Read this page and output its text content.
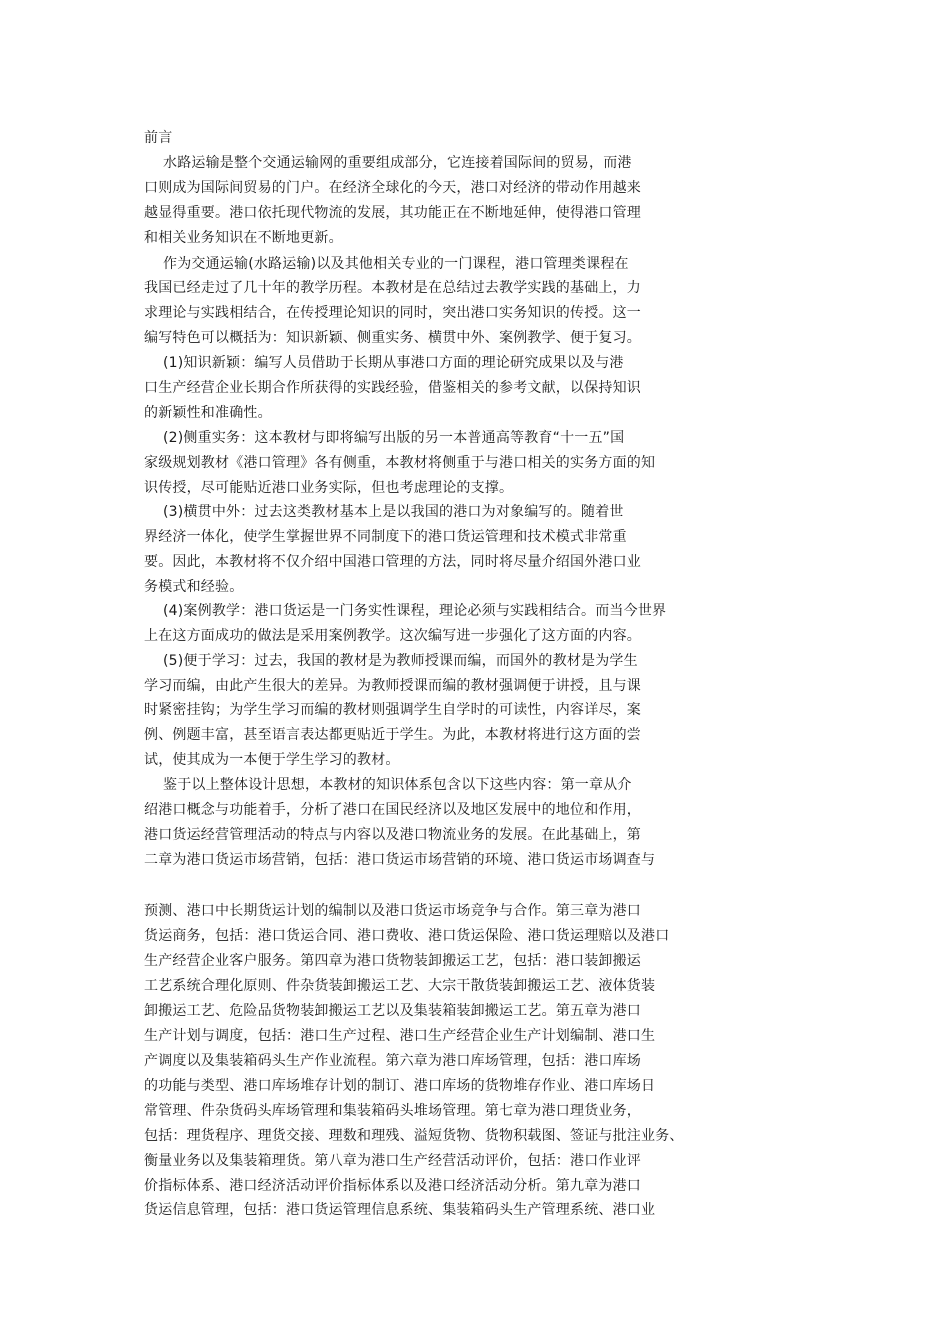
前言
水路运输是整个交通运输网的重要组成部分，它连接着国际间的贸易，而港
口则成为国际间贸易的门户。在经济全球化的今天，港口对经济的带动作用越来
越显得重要。港口依托现代物流的发展，其功能正在不断地延伸，使得港口管理
和相关业务知识在不断地更新。
作为交通运输(水路运输)以及其他相关专业的一门课程，港口管理类课程在
我国已经走过了几十年的教学历程。本教材是在总结过去教学实践的基础上，力
求理论与实践相结合，在传授理论知识的同时，突出港口实务知识的传授。这一
编写特色可以概括为：知识新颖、侧重实务、横贯中外、案例教学、便于复习。
(1)知识新颖：编写人员借助于长期从事港口方面的理论研究成果以及与港
口生产经营企业长期合作所获得的实践经验，借鉴相关的参考文献，以保持知识
的新颖性和准确性。
(2)侧重实务：这本教材与即将编写出版的另一本普通高等教育“十一五”国
家级规划教材《港口管理》各有侧重，本教材将侧重于与港口相关的实务方面的知
识传授，尽可能贴近港口业务实际，但也考虑理论的支撑。
(3)横贯中外：过去这类教材基本上是以我国的港口为对象编写的。随着世
界经济一体化，使学生掌握世界不同制度下的港口货运管理和技术模式非常重
要。因此，本教材将不仅介绍中国港口管理的方法，同时将尽量介绍国外港口业
务模式和经验。
(4)案例教学：港口货运是一门务实性课程，理论必须与实践相结合。而当今世界
上在这方面成功的做法是采用案例教学。这次编写进一步强化了这方面的内容。
(5)便于学习：过去，我国的教材是为教师授课而编，而国外的教材是为学生
学习而编，由此产生很大的差异。为教师授课而编的教材强调便于讲授，且与课
时紧密挂钩；为学生学习而编的教材则强调学生自学时的可读性，内容详尽，案
例、例题丰富，甚至语言表达都更贴近于学生。为此，本教材将进行这方面的尝
试，使其成为一本便于学生学习的教材。
鉴于以上整体设计思想，本教材的知识体系包含以下这些内容：第一章从介
绍港口概念与功能着手，分析了港口在国民经济以及地区发展中的地位和作用，
港口货运经营管理活动的特点与内容以及港口物流业务的发展。在此基础上，第
二章为港口货运市场营销，包括：港口货运市场营销的环境、港口货运市场调查与
预测、港口中长期货运计划的编制以及港口货运市场竞争与合作。第三章为港口
货运商务，包括：港口货运合同、港口费收、港口货运保险、港口货运理赔以及港口
生产经营企业客户服务。第四章为港口货物装卸搬运工艺，包括：港口装卸搬运
工艺系统合理化原则、件杂货装卸搬运工艺、大宗干散货装卸搬运工艺、液体货装
卸搬运工艺、危险品货物装卸搬运工艺以及集装箱装卸搬运工艺。第五章为港口
生产计划与调度，包括：港口生产过程、港口生产经营企业生产计划编制、港口生
产调度以及集装箱码头生产作业流程。第六章为港口库场管理，包括：港口库场
的功能与类型、港口库场堆存计划的制订、港口库场的货物堆存作业、港口库场日
常管理、件杂货码头库场管理和集装箱码头堆场管理。第七章为港口理货业务，
包括：理货程序、理货交接、理数和理残、溢短货物、货物积载图、签证与批注业务、
衡量业务以及集装箱理货。第八章为港口生产经营活动评价，包括：港口作业评
价指标体系、港口经济活动评价指标体系以及港口经济活动分析。第九章为港口
货运信息管理，包括：港口货运管理信息系统、集装箱码头生产管理系统、港口业
